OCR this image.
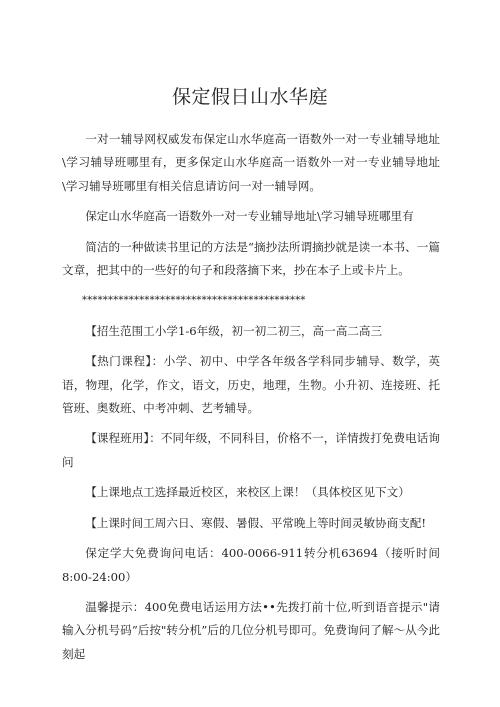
保定假日山水华庭

一对一辅导网权威发布保定山水华庭高一语数外一对一专业辅导地址\学习辅导班哪里有，更多保定山水华庭高一语数外一对一专业辅导地址\学习辅导班哪里有相关信息请访问一对一辅导网。

保定山水华庭高一语数外一对一专业辅导地址\学习辅导班哪里有

简洁的一种做读书里记的方法是“摘抄法所谓摘抄就是读一本书、一篇文章，把其中的一些好的句子和段落摘下来，抄在本子上或卡片上。

*******************************************

【招生范围工小学1-6年级，初一初二初三，高一高二高三

【热门课程】：小学、初中、中学各年级各学科同步辅导、数学，英语，物理，化学，作文，语文，历史，地理，生物。小升初、连接班、托管班、奥数班、中考冲刺、艺考辅导。

【课程班用】：不同年级，不同科目，价格不一，详情拨打免费电话询问

【上课地点工选择最近校区，来校区上课！（具体校区见下文）

【上课时间工周六日、寒假、暑假、平常晚上等时间灵敏协商支配!

保定学大免费询问电话：400-0066-911转分机63694（接听时间8:00-24:00）

温馨提示：400免费电话运用方法••先拨打前十位,听到语音提示"请输入分机号码”后按"转分机”后的几位分机号即可。免费询问了解～从今此刻起
